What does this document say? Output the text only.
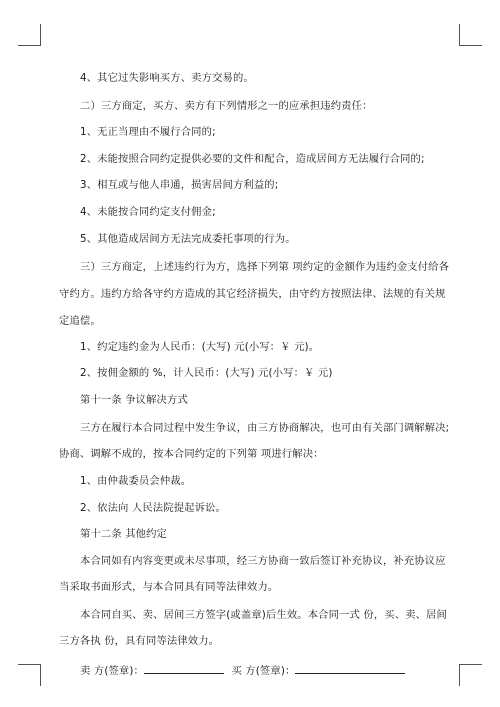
4、其它过失影响买方、卖方交易的。
二）三方商定，买方、卖方有下列情形之一的应承担违约责任：
1、无正当理由不履行合同的;
2、未能按照合同约定提供必要的文件和配合，造成居间方无法履行合同的;
3、相互或与他人串通，损害居间方利益的;
4、未能按合同约定支付佣金;
5、其他造成居间方无法完成委托事项的行为。
三）三方商定，上述违约行为方，选择下列第 项约定的金额作为违约金支付给各
守约方。违约方给各守约方造成的其它经济损失，由守约方按照法律、法规的有关规
定追偿。
1、约定违约金为人民币：(大写) 元(小写：￥ 元)。
2、按佣金额的 %，计人民币：(大写) 元(小写：￥ 元)
第十一条 争议解决方式
三方在履行本合同过程中发生争议，由三方协商解决，也可由有关部门调解解决;
协商、调解不成的，按本合同约定的下列第 项进行解决：
1、由仲裁委员会仲裁。
2、依法向 人民法院提起诉讼。
第十二条 其他约定
本合同如有内容变更或未尽事项，经三方协商一致后签订补充协议，补充协议应
当采取书面形式，与本合同具有同等法律效力。
本合同自买、卖、居间三方签字(或盖章)后生效。本合同一式 份，买、卖、居间
三方各执 份，具有同等法律效力。
卖 方(签章)：	买 方(签章)：
